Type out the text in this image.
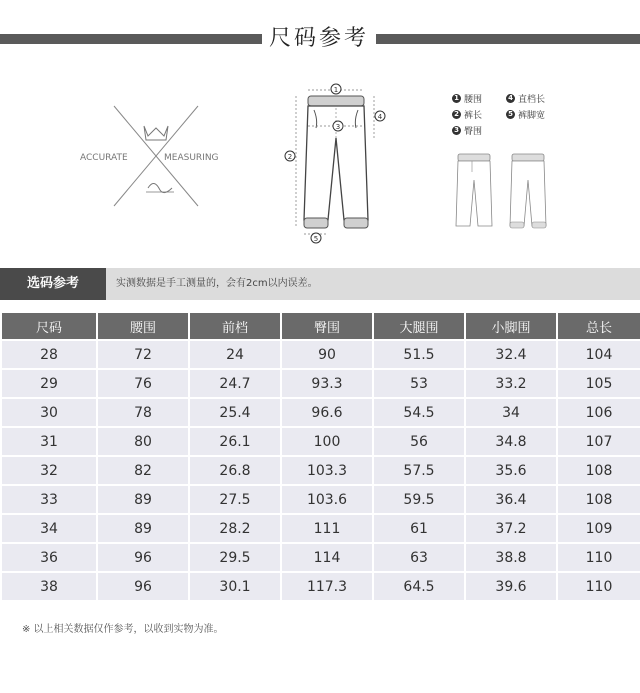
尺码参考
ACCURATE	MEASURING
1
2
3
4
5
1 腰围	4 直档长
2 裤长	5 裤脚宽
3 臀围
选码参考	实测数据是手工测量的，会有2cm以内误差。
尺码	腰围	前档	臀围	大腿围	小脚围	总长
28	72	24	90	51.5	32.4	104
29	76	24.7	93.3	53	33.2	105
30	78	25.4	96.6	54.5	34	106
31	80	26.1	100	56	34.8	107
32	82	26.8	103.3	57.5	35.6	108
33	89	27.5	103.6	59.5	36.4	108
34	89	28.2	111	61	37.2	109
36	96	29.5	114	63	38.8	110
38	96	30.1	117.3	64.5	39.6	110
※ 以上相关数据仅作参考，以收到实物为准。
